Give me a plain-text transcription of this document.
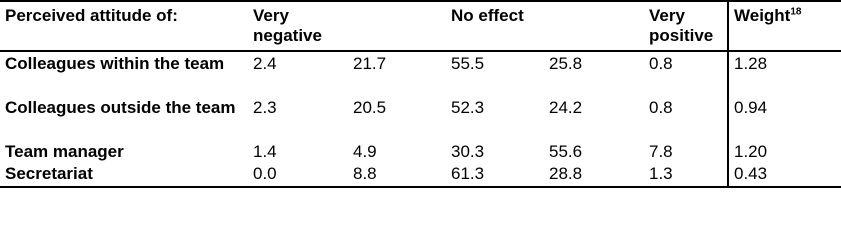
Perceived attitude of:	Very negative		No effect		Very positive	Weight$^{18}$
Colleagues within the team	2.4	21.7	55.5	25.8	0.8	1.28
Colleagues outside the team	2.3	20.5	52.3	24.2	0.8	0.94
Team manager	1.4	4.9	30.3	55.6	7.8	1.20
Secretariat	0.0	8.8	61.3	28.8	1.3	0.43
